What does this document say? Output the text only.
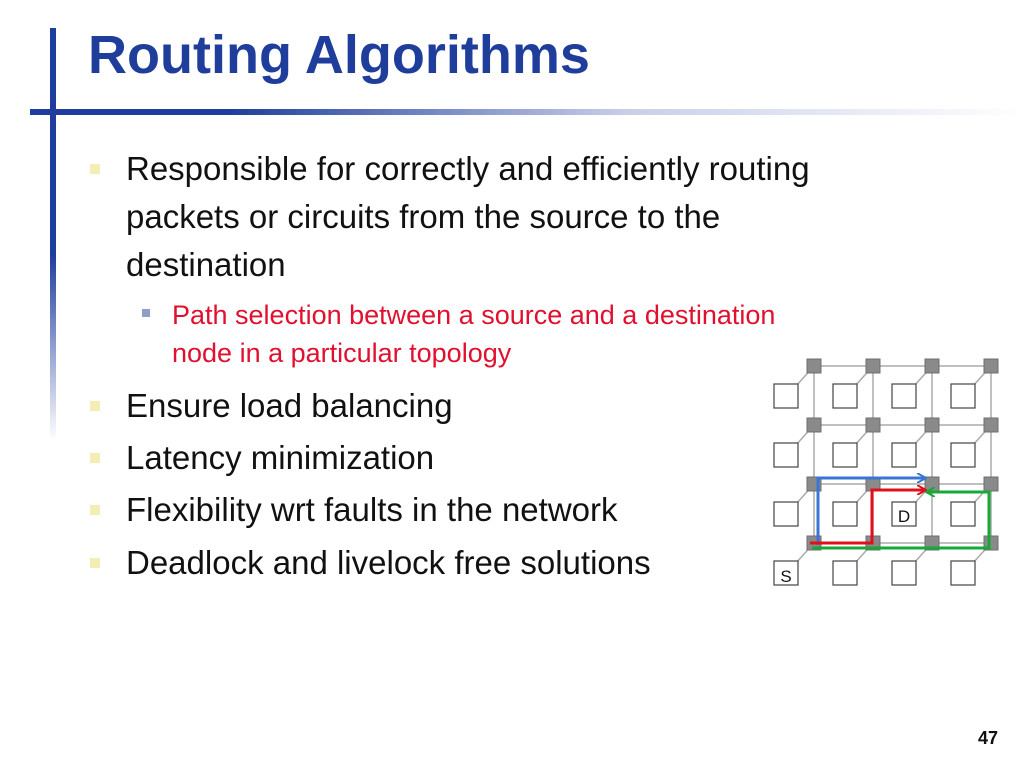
Routing Algorithms
Responsible for correctly and efficiently routing
packets or circuits from the source to the
destination
Path selection between a source and a destination
node in a particular topology
Ensure load balancing
Latency minimization
Flexibility wrt faults in the network
Deadlock and livelock free solutions
D
S
47
